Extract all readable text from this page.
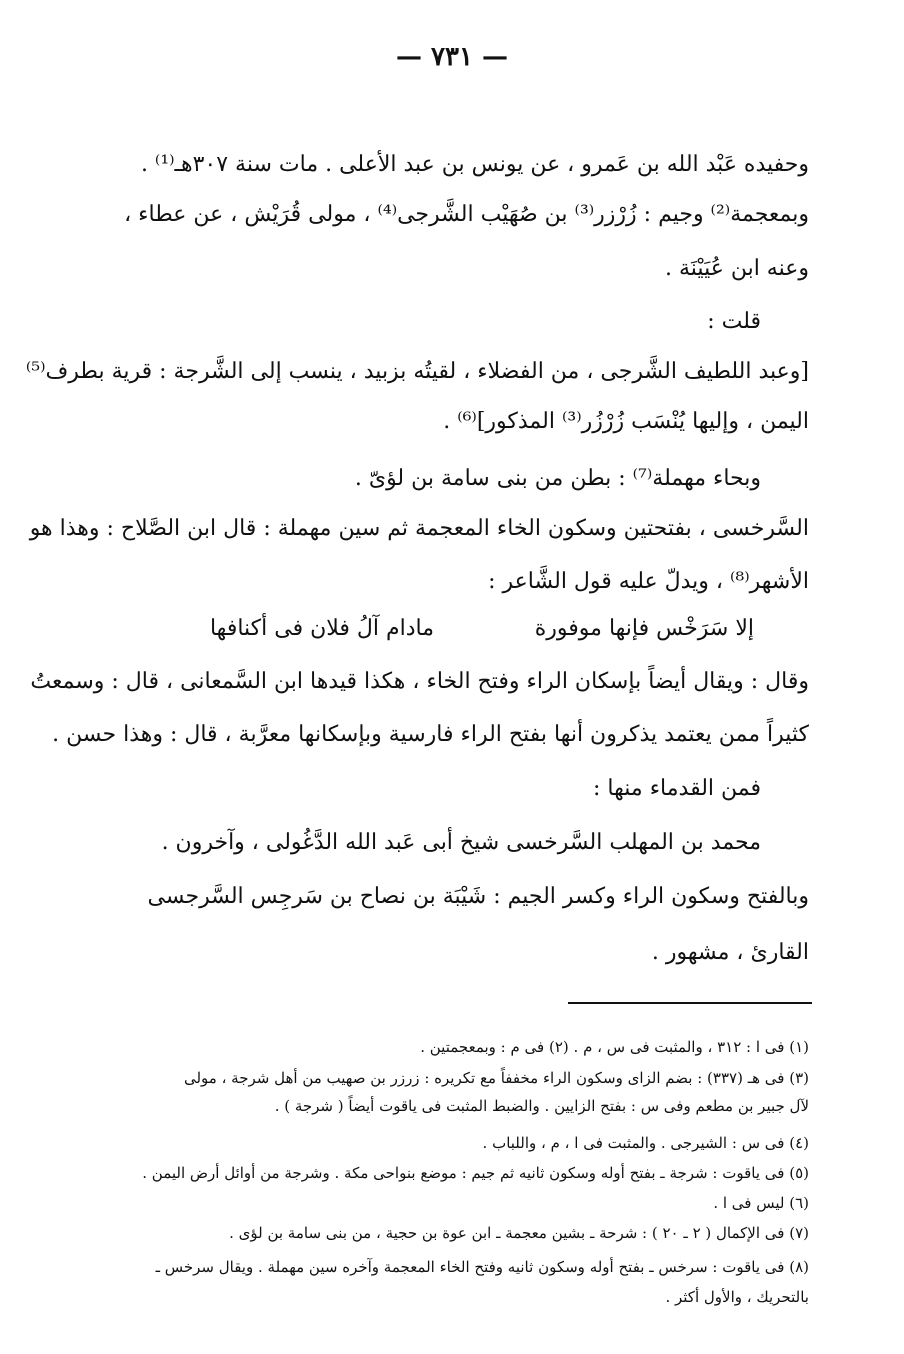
— ٧٣١ —
وحفيده عَبْد الله بن عَمرو ، عن يونس بن عبد الأعلى . مات سنة ٣٠٧هـ⁽¹⁾ .
وبمعجمة⁽²⁾ وجيم : زُرْزر⁽³⁾ بن صُهَيْب الشَّرجى⁽⁴⁾ ، مولى قُرَيْش ، عن عطاء ،
وعنه ابن عُيَيْنَة .
قلت :
[وعبد اللطيف الشَّرجى ، من الفضلاء ، لقيتُه بزبيد ، ينسب إلى الشَّرجة : قرية بطرف⁽⁵⁾
اليمن ، وإليها يُنْسَب زُرْزُر⁽³⁾ المذكور]⁽⁶⁾ .
وبحاء مهملة⁽⁷⁾ : بطن من بنى سامة بن لؤىّ .
السَّرخسى ، بفتحتين وسكون الخاء المعجمة ثم سين مهملة : قال ابن الصَّلاح : وهذا هو
الأشهر⁽⁸⁾ ، ويدلّ عليه قول الشَّاعر :
إلا سَرَخْس فإنها موفورة
مادام آلُ فلان فى أكنافها
وقال : ويقال أيضاً بإسكان الراء وفتح الخاء ، هكذا قيدها ابن السَّمعانى ، قال : وسمعتُ
كثيراً ممن يعتمد يذكرون أنها بفتح الراء فارسية وبإسكانها معرَّبة ، قال : وهذا حسن .
فمن القدماء منها :
محمد بن المهلب السَّرخسى شيخ أبى عَبد الله الدَّغُولى ، وآخرون .
وبالفتح وسكون الراء وكسر الجيم : شَيْبَة بن نصاح بن سَرجِس السَّرجسى
القارئ ، مشهور .
(١) فى ا : ٣١٢ ، والمثبت فى س ، م . (٢) فى م : وبمعجمتين .
(٣) فى هـ (٣٣٧) : بضم الزاى وسكون الراء مخففاً مع تكريره : زرزر بن صهيب من أهل شرجة ، مولى
لآل جبير بن مطعم وفى س : بفتح الزايين . والضبط المثبت فى ياقوت أيضاً ( شرجة ) .
(٤) فى س : الشيرجى . والمثبت فى ا ، م ، واللباب .
(٥) فى ياقوت : شرجة ـ بفتح أوله وسكون ثانيه ثم جيم : موضع بنواحى مكة . وشرجة من أوائل أرض اليمن .
(٦) ليس فى ا .
(٧) فى الإكمال ( ٢ ـ ٢٠ ) : شرحة ـ بشين معجمة ـ ابن عوة بن حجية ، من بنى سامة بن لؤى .
(٨) فى ياقوت : سرخس ـ بفتح أوله وسكون ثانيه وفتح الخاء المعجمة وآخره سين مهملة . ويقال سرخس ـ
بالتحريك ، والأول أكثر .
